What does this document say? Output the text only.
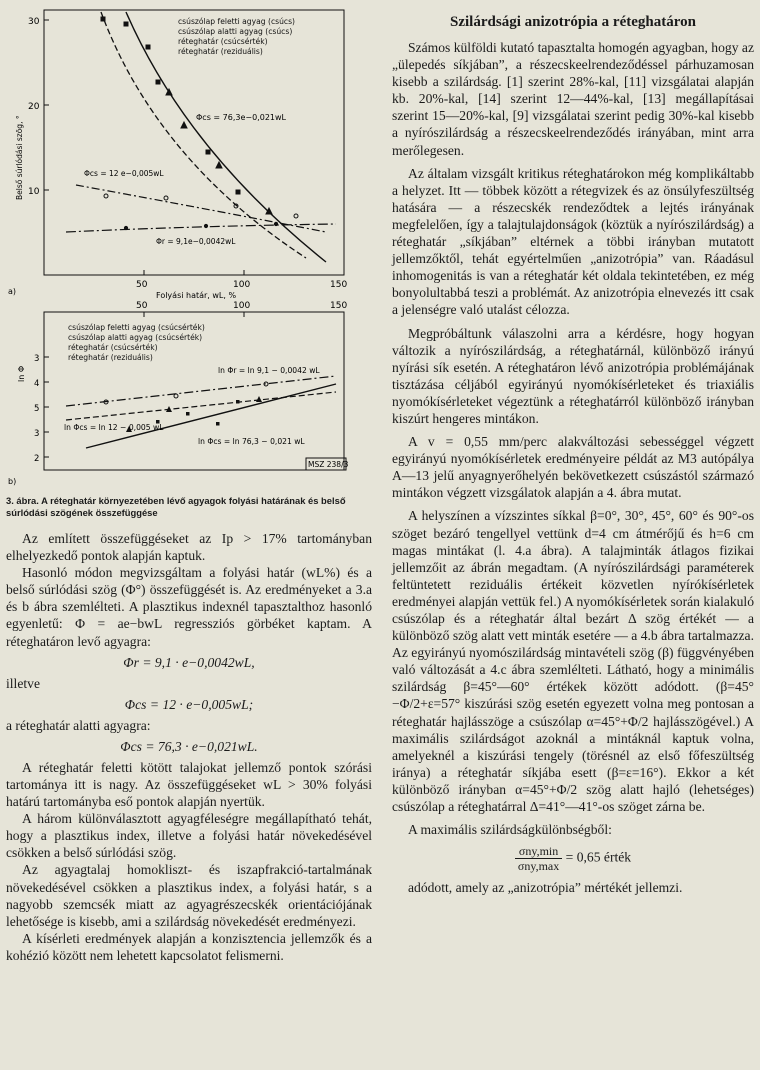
30
20
10
50	100	150
Belső súrlódási szög, °
Folyási határ, wL, %
a)
csúszólap feletti agyag (csúcs)
csúszólap alatti agyag (csúcs)
réteghatár (csúcsérték)
réteghatár (reziduális)
Φcs = 76,3e−0,021wL
Φcs = 12 e−0,005wL
Φr = 9,1e−0,0042wL
50	100	150
3
4
5
3
2
ln Φ
b)
csúszólap feletti agyag (csúcsérték)
csúszólap alatti agyag (csúcsérték)
réteghatár (csúcsérték)
réteghatár (reziduális)
ln Φr = ln 9,1 − 0,0042 wL
ln Φcs = ln 12 − 0,005 wL
ln Φcs = ln 76,3 − 0,021 wL
MSZ 238/3
3. ábra. A réteghatár környezetében lévő agyagok folyási határának és belső súrlódási szögének összefüggése

Az említett összefüggéseket az Ip > 17% tartományban elhelyezkedő pontok alapján kaptuk.

Hasonló módon megvizsgáltam a folyási határ (wL%) és a belső súrlódási szög (Φ°) összefüggését is. Az eredményeket a 3.a és b ábra szemlélteti. A plasztikus indexnél tapasztalthoz hasonló egyenletű: Φ = ae−bwL regressziós görbéket kaptam. A réteghatáron levő agyagra:

Φr = 9,1 · e−0,0042wL,

illetve

Φcs = 12 · e−0,005wL;

a réteghatár alatti agyagra:

Φcs = 76,3 · e−0,021wL.

A réteghatár feletti kötött talajokat jellemző pontok szórási tartománya itt is nagy. Az összefüggéseket wL > 30% folyási határú tartományba eső pontok alapján nyertük.

A három különválasztott agyagféleségre megállapítható tehát, hogy a plasztikus index, illetve a folyási határ növekedésével csökken a belső súrlódási szög.

Az agyagtalaj homokliszt- és iszapfrakció-tartalmának növekedésével csökken a plasztikus index, a folyási határ, s a nagyobb szemcsék miatt az agyagrészecskék orientációjának lehetősége is kisebb, ami a szilárdság növekedését eredményezi.

A kísérleti eredmények alapján a konzisztencia jellemzők és a kohézió között nem lehetett kapcsolatot felismerni.

Szilárdsági anizotrópia a réteghatáron

Számos külföldi kutató tapasztalta homogén agyagban, hogy az „ülepedés síkjában”, a részecskeelrendeződéssel párhuzamosan kisebb a szilárdság. [1] szerint 28%-kal, [11] vizsgálatai alapján kb. 20%-kal, [14] szerint 12—44%-kal, [13] megállapításai szerint 15—20%-kal, [9] vizsgálatai szerint pedig 30%-kal kisebb a nyírószilárdság a részecskeelrendeződés irányában, mint arra merőlegesen.

Az általam vizsgált kritikus réteghatárokon még komplikáltabb a helyzet. Itt — többek között a rétegvizek és az önsúlyfeszültség hatására — a részecskék rendeződtek a lejtés irányának megfelelően, így a talajtulajdonságok (köztük a nyírószilárdság) a réteghatár „síkjában” eltérnek a többi irányban mutatott jellemzőktől, tehát egyértelműen „anizotrópia” van. Ráadásul inhomogenitás is van a réteghatár két oldala tekintetében, ez még bonyolultabbá teszi a problémát. Az anizotrópia elnevezés itt csak a jelenségre való utalást célozza.

Megpróbáltunk válaszolni arra a kérdésre, hogy hogyan változik a nyírószilárdság, a réteghatárnál, különböző irányú nyírási sík esetén. A réteghatáron lévő anizotrópia problémájának tisztázása céljából egyirányú nyomókísérleteket és triaxiális nyomókísérleteket végeztünk a réteghatárról különböző irányban kiszúrt hengeres mintákon.

A v = 0,55 mm/perc alakváltozási sebességgel végzett egyirányú nyomókísérletek eredményeire példát az M3 autópálya A—13 jelű anyagnyerőhelyén bekövetkezett csúszástól származó mintákon végzett vizsgálatok alapján a 4. ábra mutat.

A helyszínen a vízszintes síkkal β=0°, 30°, 45°, 60° és 90°-os szöget bezáró tengellyel vettünk d=4 cm átmérőjű és h=6 cm magas mintákat (l. 4.a ábra). A talajminták átlagos fizikai jellemzőit az ábrán megadtam. (A nyírószilárdsági paraméterek feltüntetett reziduális értékeit közvetlen nyírókísérletek eredményei alapján vettük fel.) A nyomókísérletek során kialakuló csúszólap és a réteghatár által bezárt Δ szög értékét — a különböző szög alatt vett minták esetére — a 4.b ábra tartalmazza. Az egyirányú nyomószilárdság mintavételi szög (β) függvényében való változását a 4.c ábra szemlélteti. Látható, hogy a minimális szilárdság β=45°—60° értékek között adódott. (β=45°−Φ/2+ε=57° kiszúrási szög esetén egyezett volna meg pontosan a réteghatár hajlásszöge a csúszólap α=45°+Φ/2 hajlásszögével.) A maximális szilárdságot azoknál a mintáknál kaptuk volna, amelyeknél a kiszúrási tengely (törésnél az első főfeszültség iránya) a réteghatár síkjába esett (β=ε=16°). Ekkor a két különböző irányban α=45°+Φ/2 szög alatt hajló (lehetséges) csúszólap a réteghatárral Δ=41°—41°-os szöget zárna be.

A maximális szilárdságkülönbségből:

$\frac{\text{σny,min}}{\text{σny,max}} = 0,65$ érték

adódott, amely az „anizotrópia” mértékét jellemzi.
